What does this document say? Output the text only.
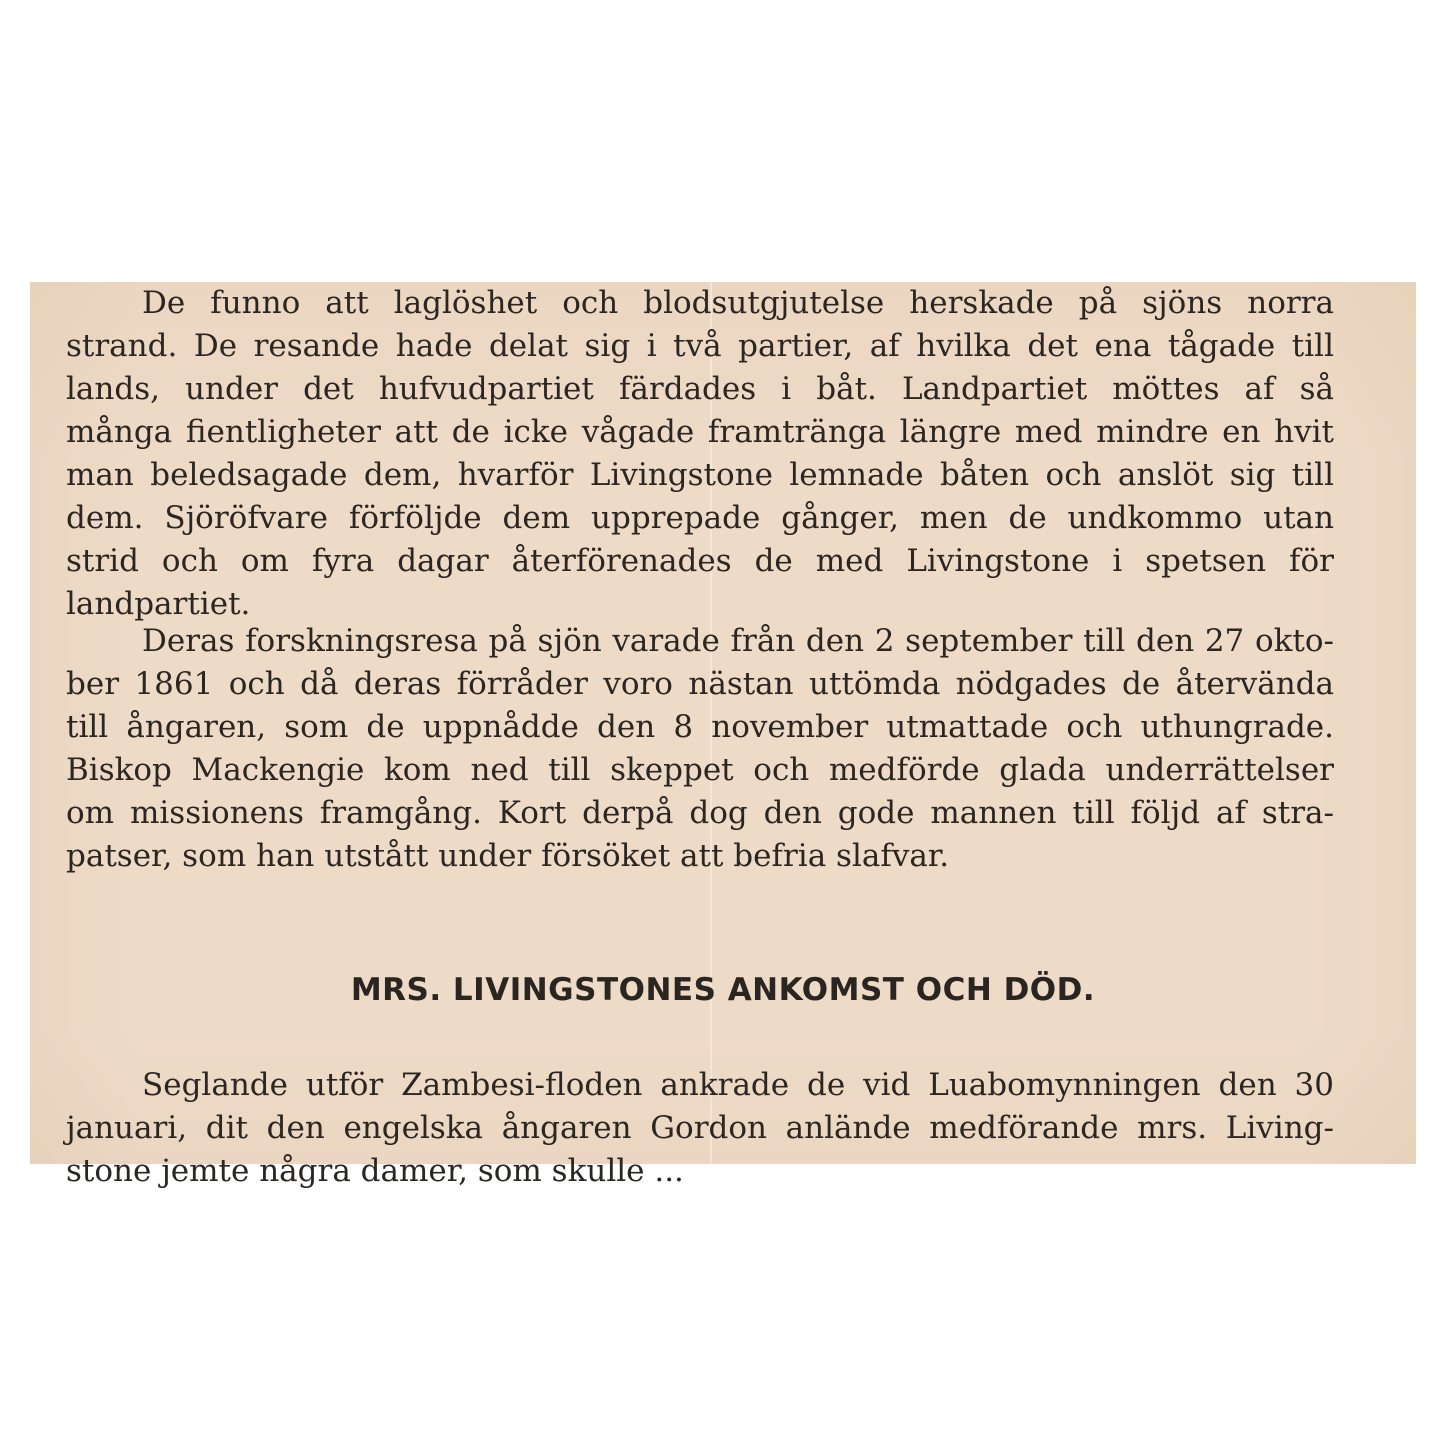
De funno att laglöshet och blodsutgjutelse herskade på sjöns norra
strand. De resande hade delat sig i två partier, af hvilka det ena tågade till
lands, under det hufvudpartiet färdades i båt. Landpartiet möttes af så
många fientligheter att de icke vågade framtränga längre med mindre en hvit
man beledsagade dem, hvarför Livingstone lemnade båten och anslöt sig till
dem. Sjöröfvare förföljde dem upprepade gånger, men de undkommo utan
strid och om fyra dagar återförenades de med Livingstone i spetsen för
landpartiet.
Deras forskningsresa på sjön varade från den 2 september till den 27 okto-
ber 1861 och då deras förråder voro nästan uttömda nödgades de återvända
till ångaren, som de uppnådde den 8 november utmattade och uthungrade.
Biskop Mackengie kom ned till skeppet och medförde glada underrättelser
om missionens framgång. Kort derpå dog den gode mannen till följd af stra-
patser, som han utstått under försöket att befria slafvar.
MRS. LIVINGSTONES ANKOMST OCH DÖD.
Seglande utför Zambesi-floden ankrade de vid Luabomynningen den 30
januari, dit den engelska ångaren Gordon anlände medförande mrs. Living-
stone jemte några damer, som skulle ...
